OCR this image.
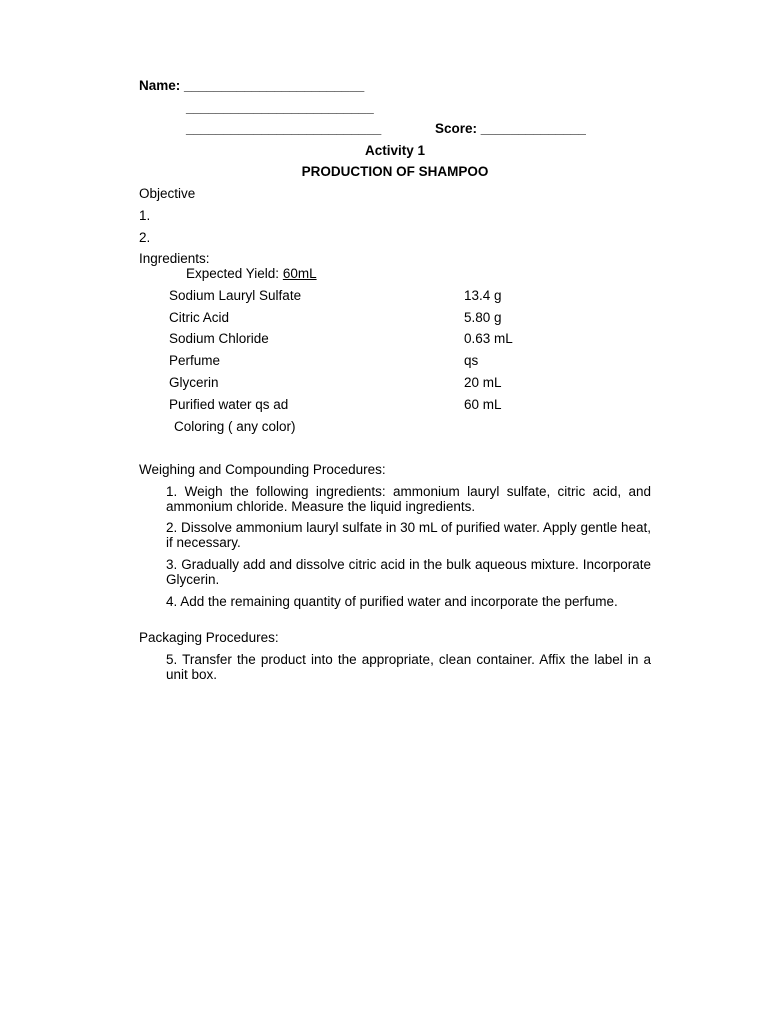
Name: ________________________
_________________________
__________________________	Score: ______________
Activity 1
PRODUCTION OF SHAMPOO
Objective
1.
2.
Ingredients:
Expected Yield: 60mL
Sodium Lauryl Sulfate	13.4 g
Citric Acid	5.80 g
Sodium Chloride	0.63 mL
Perfume	qs
Glycerin	20 mL
Purified water qs ad	60 mL
Coloring ( any color)
Weighing and Compounding Procedures:
1. Weigh the following ingredients: ammonium lauryl sulfate, citric acid, and ammonium chloride. Measure the liquid ingredients.
2. Dissolve ammonium lauryl sulfate in 30 mL of purified water. Apply gentle heat, if necessary.
3. Gradually add and dissolve citric acid in the bulk aqueous mixture. Incorporate Glycerin.
4. Add the remaining quantity of purified water and incorporate the perfume.
Packaging Procedures:
5. Transfer the product into the appropriate, clean container. Affix the label in a unit box.
